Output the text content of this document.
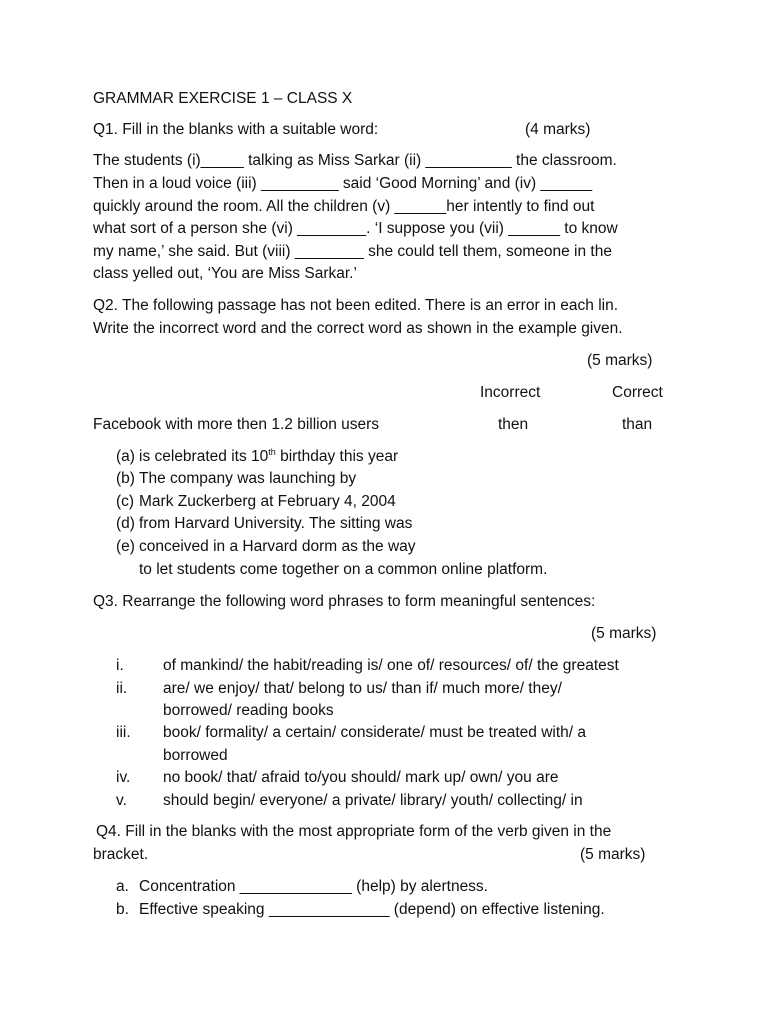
GRAMMAR EXERCISE 1 – CLASS X
Q1. Fill in the blanks with a suitable word:	(4 marks)
The students (i)_____ talking as Miss Sarkar (ii) __________ the classroom.
Then in a loud voice (iii) _________ said ‘Good Morning’ and (iv) ______
quickly around the room. All the children (v) ______her intently to find out
what sort of a person she (vi) ________. ‘I suppose you (vii) ______ to know
my name,’ she said. But (viii) ________ she could tell them, someone in the
class yelled out, ‘You are Miss Sarkar.’
Q2. The following passage has not been edited. There is an error in each lin.
Write the incorrect word and the correct word as shown in the example given.
(5 marks)
Incorrect	Correct
Facebook with more then 1.2 billion users	then	than
(a) is celebrated its 10th birthday this year
(b) The company was launching by
(c) Mark Zuckerberg at February 4, 2004
(d) from Harvard University. The sitting was
(e) conceived in a Harvard dorm as the way
to let students come together on a common online platform.
Q3. Rearrange the following word phrases to form meaningful sentences:
(5 marks)
i.	of mankind/ the habit/reading is/ one of/ resources/ of/ the greatest
ii. are/ we enjoy/ that/ belong to us/ than if/ much more/ they/
borrowed/ reading books
iii. book/ formality/ a certain/ considerate/ must be treated with/ a
borrowed
iv. no book/ that/ afraid to/you should/ mark up/ own/ you are
v. should begin/ everyone/ a private/ library/ youth/ collecting/ in
Q4. Fill in the blanks with the most appropriate form of the verb given in the
bracket.	(5 marks)
a. Concentration _____________ (help) by alertness.
b. Effective speaking ______________ (depend) on effective listening.
